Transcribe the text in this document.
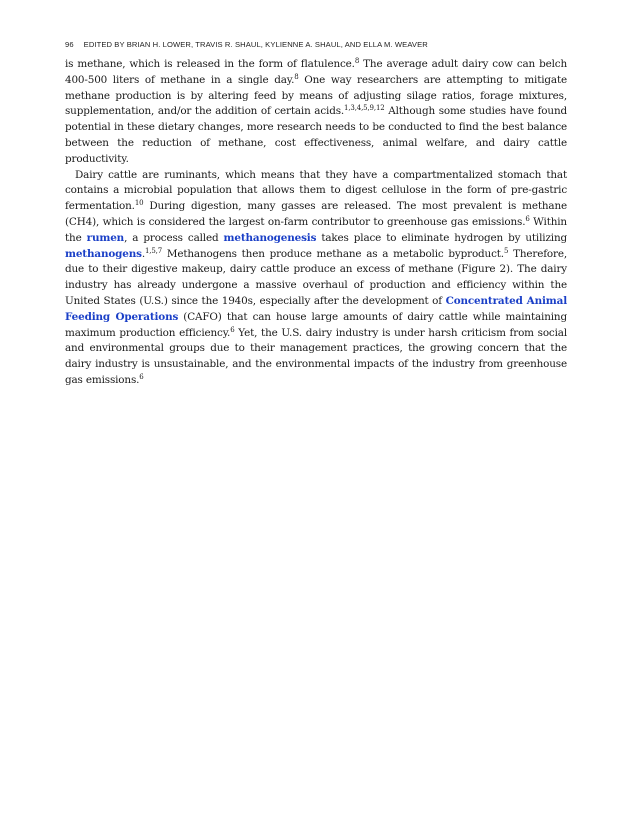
96 EDITED BY BRIAN H. LOWER, TRAVIS R. SHAUL, KYLIENNE A. SHAUL, AND ELLA M. WEAVER

is methane, which is released in the form of flatulence.$^8$ The average adult dairy cow can belch 400-500 liters of methane in a single day.$^8$ One way researchers are attempting to mitigate methane production is by altering feed by means of adjusting silage ratios, forage mixtures, supplementation, and/or the addition of certain acids.$^{1,3,4,5,9,12}$ Although some studies have found potential in these dietary changes, more research needs to be conducted to find the best balance between the reduction of methane, cost effectiveness, animal welfare, and dairy cattle productivity.

Dairy cattle are ruminants, which means that they have a compartmentalized stomach that contains a microbial population that allows them to digest cellulose in the form of pre-gastric fermentation.$^{10}$ During digestion, many gasses are released. The most prevalent is methane (CH4), which is considered the largest on-farm contributor to greenhouse gas emissions.$^6$ Within the rumen, a process called methanogenesis takes place to eliminate hydrogen by utilizing methanogens.$^{1,5,7}$ Methanogens then produce methane as a metabolic byproduct.$^5$ Therefore, due to their digestive makeup, dairy cattle produce an excess of methane (Figure 2). The dairy industry has already undergone a massive overhaul of production and efficiency within the United States (U.S.) since the 1940s, especially after the development of Concentrated Animal Feeding Operations (CAFO) that can house large amounts of dairy cattle while maintaining maximum production efficiency.$^6$ Yet, the U.S. dairy industry is under harsh criticism from social and environmental groups due to their management practices, the growing concern that the dairy industry is unsustainable, and the environmental impacts of the industry from greenhouse gas emissions.$^6$
